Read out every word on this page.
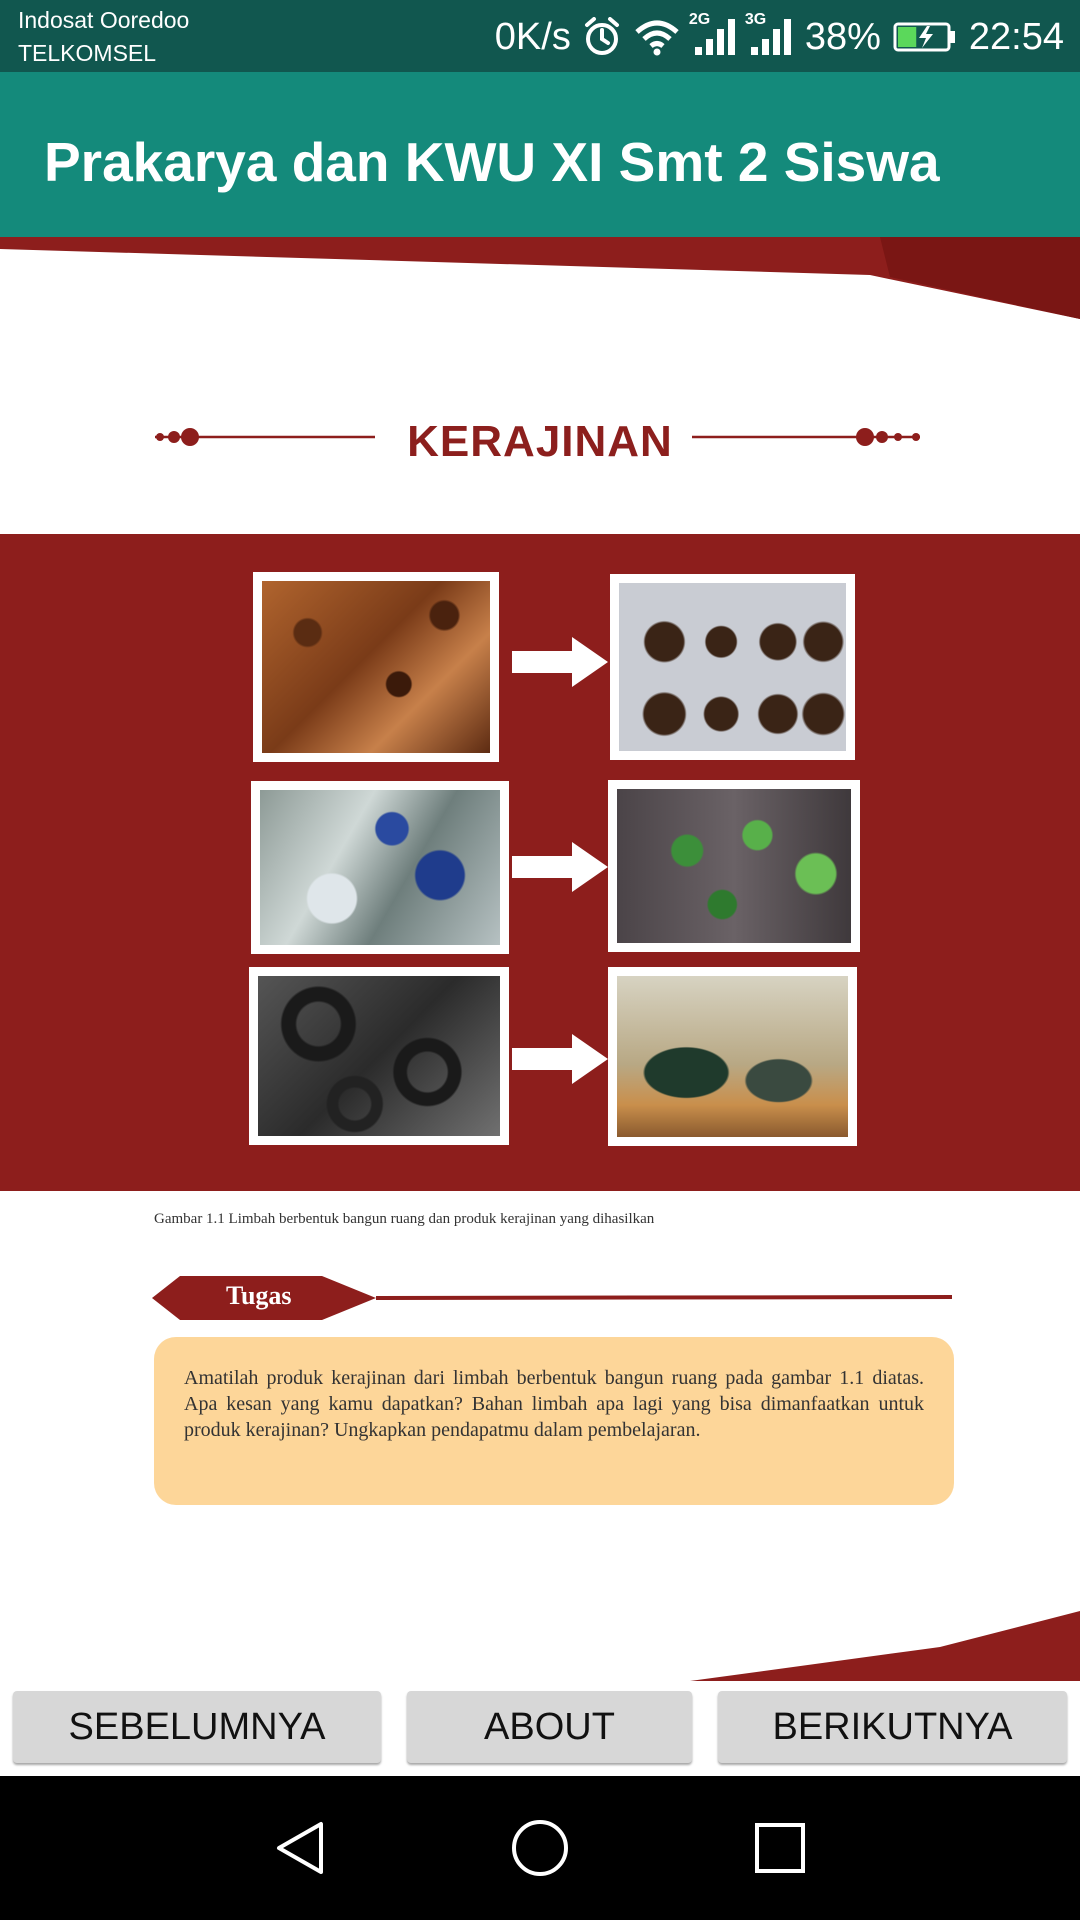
Indosat Ooredoo
TELKOMSEL	0K/s	2G 3G 38% 22:54
Prakarya dan KWU XI Smt 2 Siswa
KERAJINAN
Gambar 1.1 Limbah berbentuk bangun ruang dan produk kerajinan yang dihasilkan
Tugas
Amatilah produk kerajinan dari limbah berbentuk bangun ruang pada gambar 1.1 diatas. Apa kesan yang kamu dapatkan? Bahan limbah apa lagi yang bisa dimanfaatkan untuk produk kerajinan? Ungkapkan pendapatmu dalam pembelajaran.
SEBELUMNYA	ABOUT	BERIKUTNYA
